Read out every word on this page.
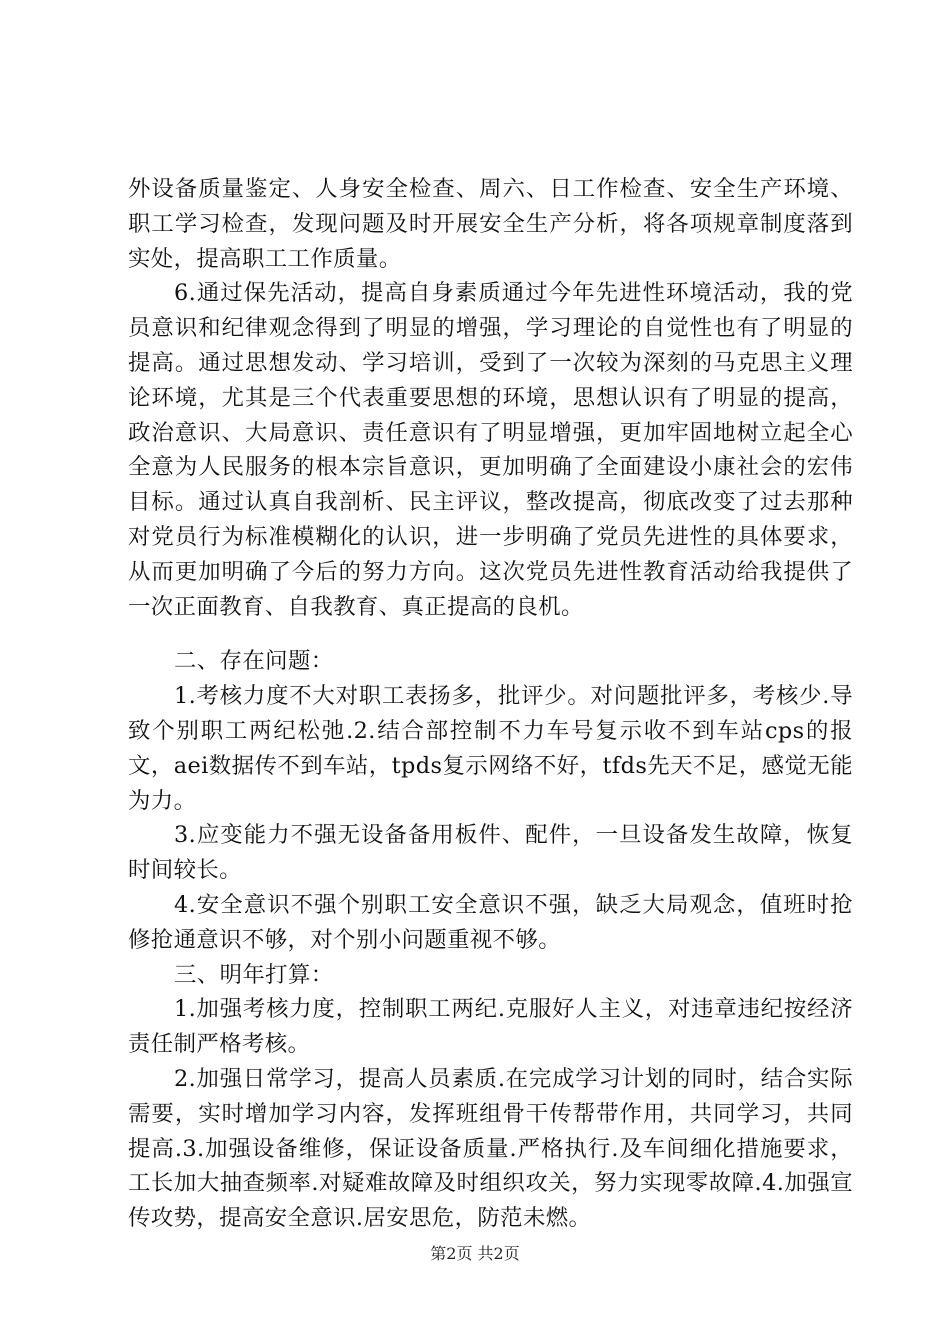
外设备质量鉴定、人身安全检查、周六、日工作检查、安全生产环境、职工学习检查，发现问题及时开展安全生产分析，将各项规章制度落到实处，提高职工工作质量。

6.通过保先活动，提高自身素质通过今年先进性环境活动，我的党员意识和纪律观念得到了明显的增强，学习理论的自觉性也有了明显的提高。通过思想发动、学习培训，受到了一次较为深刻的马克思主义理论环境，尤其是三个代表重要思想的环境，思想认识有了明显的提高，政治意识、大局意识、责任意识有了明显增强，更加牢固地树立起全心全意为人民服务的根本宗旨意识，更加明确了全面建设小康社会的宏伟目标。通过认真自我剖析、民主评议，整改提高，彻底改变了过去那种对党员行为标准模糊化的认识，进一步明确了党员先进性的具体要求，从而更加明确了今后的努力方向。这次党员先进性教育活动给我提供了一次正面教育、自我教育、真正提高的良机。

二、存在问题：

1.考核力度不大对职工表扬多，批评少。对问题批评多，考核少.导致个别职工两纪松弛.2.结合部控制不力车号复示收不到车站cps的报文，aei数据传不到车站，tpds复示网络不好，tfds先天不足，感觉无能为力。

3.应变能力不强无设备备用板件、配件，一旦设备发生故障，恢复时间较长。

4.安全意识不强个别职工安全意识不强，缺乏大局观念，值班时抢修抢通意识不够，对个别小问题重视不够。

三、明年打算：

1.加强考核力度，控制职工两纪.克服好人主义，对违章违纪按经济责任制严格考核。

2.加强日常学习，提高人员素质.在完成学习计划的同时，结合实际需要，实时增加学习内容，发挥班组骨干传帮带作用，共同学习，共同提高.3.加强设备维修，保证设备质量.严格执行.及车间细化措施要求，工长加大抽查频率.对疑难故障及时组织攻关，努力实现零故障.4.加强宣传攻势，提高安全意识.居安思危，防范未燃。

第2页 共2页
